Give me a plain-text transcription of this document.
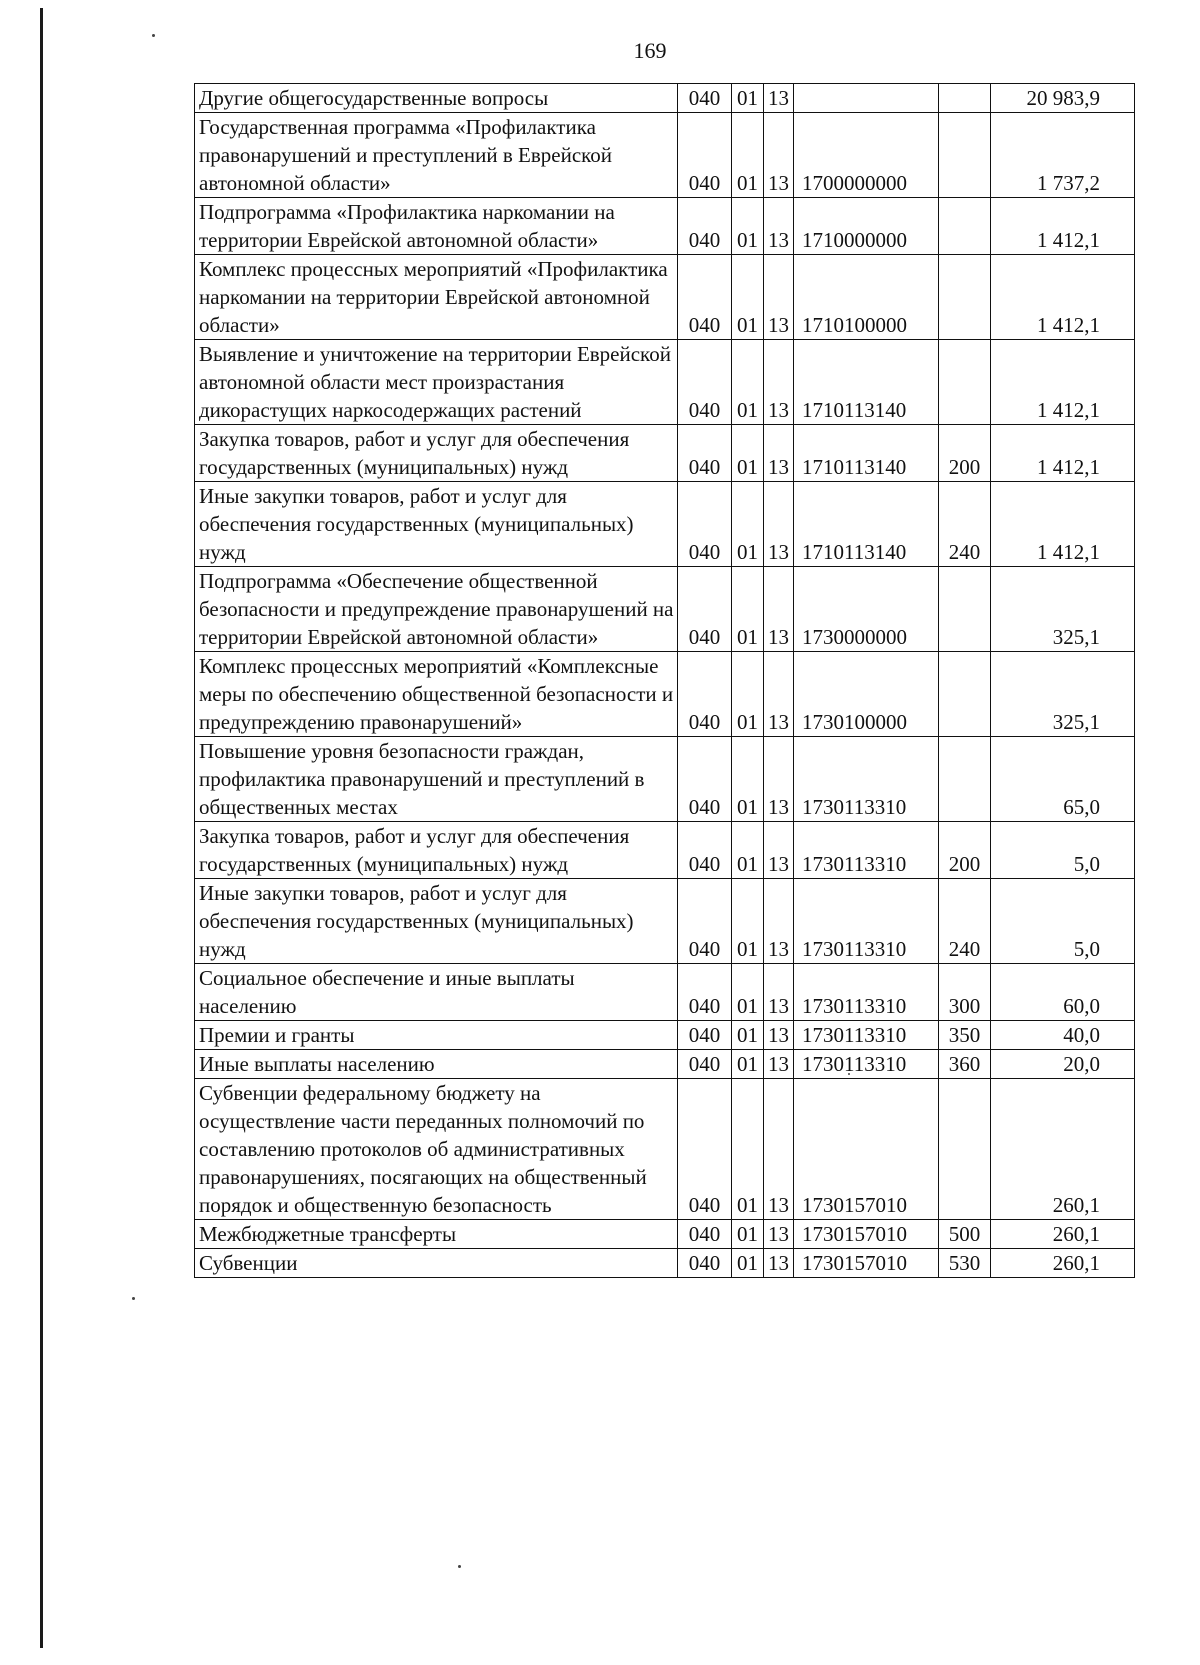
169
Другие общегосударственные вопросы	040	01	13			20 983,9
Государственная программа «Профилактика правонарушений и преступлений в Еврейской автономной области»	040	01	13	1700000000		1 737,2
Подпрограмма «Профилактика наркомании на территории Еврейской автономной области»	040	01	13	1710000000		1 412,1
Комплекс процессных мероприятий «Профилактика наркомании на территории Еврейской автономной области»	040	01	13	1710100000		1 412,1
Выявление и уничтожение на территории Еврейской автономной области мест произрастания дикорастущих наркосодержащих растений	040	01	13	1710113140		1 412,1
Закупка товаров, работ и услуг для обеспечения государственных (муниципальных) нужд	040	01	13	1710113140	200	1 412,1
Иные закупки товаров, работ и услуг для обеспечения государственных (муниципальных) нужд	040	01	13	1710113140	240	1 412,1
Подпрограмма «Обеспечение общественной безопасности и предупреждение правонарушений на территории Еврейской автономной области»	040	01	13	1730000000		325,1
Комплекс процессных мероприятий «Комплексные меры по обеспечению общественной безопасности и предупреждению правонарушений»	040	01	13	1730100000		325,1
Повышение уровня безопасности граждан, профилактика правонарушений и преступлений в общественных местах	040	01	13	1730113310		65,0
Закупка товаров, работ и услуг для обеспечения государственных (муниципальных) нужд	040	01	13	1730113310	200	5,0
Иные закупки товаров, работ и услуг для обеспечения государственных (муниципальных) нужд	040	01	13	1730113310	240	5,0
Социальное обеспечение и иные выплаты населению	040	01	13	1730113310	300	60,0
Премии и гранты	040	01	13	1730113310	350	40,0
Иные выплаты населению	040	01	13	1730113310	360	20,0
Субвенции федеральному бюджету на осуществление части переданных полномочий по составлению протоколов об административных правонарушениях, посягающих на общественный порядок и общественную безопасность	040	01	13	1730157010		260,1
Межбюджетные трансферты	040	01	13	1730157010	500	260,1
Субвенции	040	01	13	1730157010	530	260,1
